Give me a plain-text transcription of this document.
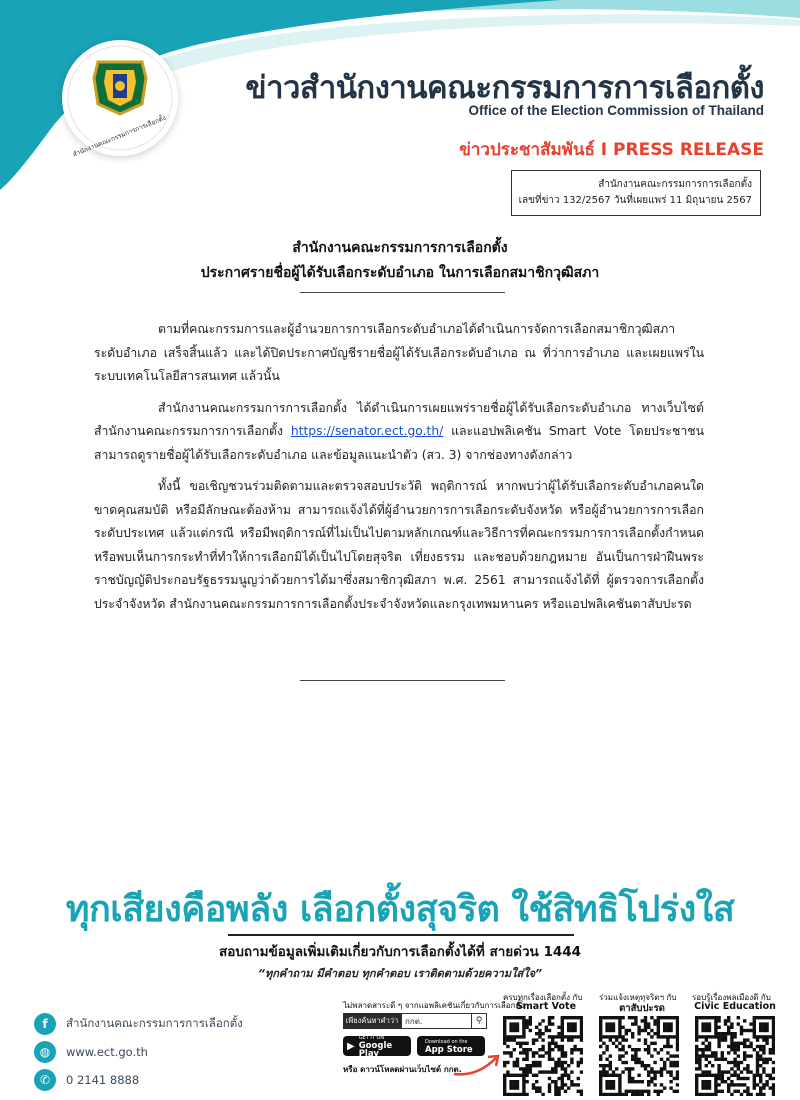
สำนักงานคณะกรรมการการเลือกตั้ง
ข่าวสำนักงานคณะกรรมการการเลือกตั้ง
Office of the Election Commission of Thailand
ข่าวประชาสัมพันธ์ I PRESS RELEASE
สำนักงานคณะกรรมการการเลือกตั้ง
เลขที่ข่าว 132/2567 วันที่เผยแพร่ 11 มิถุนายน 2567
สำนักงานคณะกรรมการการเลือกตั้ง
ประกาศรายชื่อผู้ได้รับเลือกระดับอำเภอ ในการเลือกสมาชิกวุฒิสภา

ตามที่คณะกรรมการและผู้อำนวยการการเลือกระดับอำเภอได้ดำเนินการจัดการเลือกสมาชิกวุฒิสภาระดับอำเภอ เสร็จสิ้นแล้ว และได้ปิดประกาศบัญชีรายชื่อผู้ได้รับเลือกระดับอำเภอ ณ ที่ว่าการอำเภอ และเผยแพร่ในระบบเทคโนโลยีสารสนเทศ แล้วนั้น

สำนักงานคณะกรรมการการเลือกตั้ง ได้ดำเนินการเผยแพร่รายชื่อผู้ได้รับเลือกระดับอำเภอ ทางเว็บไซต์สำนักงานคณะกรรมการการเลือกตั้ง https://senator.ect.go.th/ และแอปพลิเคชัน Smart Vote โดยประชาชนสามารถดูรายชื่อผู้ได้รับเลือกระดับอำเภอ และข้อมูลแนะนำตัว (สว. 3) จากช่องทางดังกล่าว

ทั้งนี้ ขอเชิญชวนร่วมติดตามและตรวจสอบประวัติ พฤติการณ์ หากพบว่าผู้ได้รับเลือกระดับอำเภอคนใดขาดคุณสมบัติ หรือมีลักษณะต้องห้าม สามารถแจ้งได้ที่ผู้อำนวยการการเลือกระดับจังหวัด หรือผู้อำนวยการการเลือกระดับประเทศ แล้วแต่กรณี หรือมีพฤติการณ์ที่ไม่เป็นไปตามหลักเกณฑ์และวิธีการที่คณะกรรมการการเลือกตั้งกำหนด หรือพบเห็นการกระทำที่ทำให้การเลือกมิได้เป็นไปโดยสุจริต เที่ยงธรรม และชอบด้วยกฎหมาย อันเป็นการฝ่าฝืนพระราชบัญญัติประกอบรัฐธรรมนูญว่าด้วยการได้มาซึ่งสมาชิกวุฒิสภา พ.ศ. 2561 สามารถแจ้งได้ที่ ผู้ตรวจการเลือกตั้งประจำจังหวัด สำนักงานคณะกรรมการการเลือกตั้งประจำจังหวัดและกรุงเทพมหานคร หรือแอปพลิเคชันตาสับปะรด

ทุกเสียงคือพลัง เลือกตั้งสุจริต ใช้สิทธิโปร่งใส
สอบถามข้อมูลเพิ่มเติมเกี่ยวกับการเลือกตั้งได้ที่ สายด่วน 1444
“ทุกคำถาม มีคำตอบ ทุกคำตอบ เราติดตามด้วยความใส่ใจ”
f	สำนักงานคณะกรรมการการเลือกตั้ง
◍	www.ect.go.th
✆	0 2141 8888
ไม่พลาดสาระดี ๆ จากแอพลิเคชันเกี่ยวกับการเลือกตั้ง
เพียงค้นหาคำว่า กกต.	⚲
▶
GET IT ON
Google Play
Download on the
App Store
หรือ ดาวน์โหลดผ่านเว็บไซต์ กกต.
ครบทุกเรื่องเลือกตั้ง กับ
Smart Vote
ร่วมแจ้งเหตุทุจริตฯ กับ
ตาสับปะรด
รอบรู้เรื่องพลเมืองดี กับ
Civic Education
